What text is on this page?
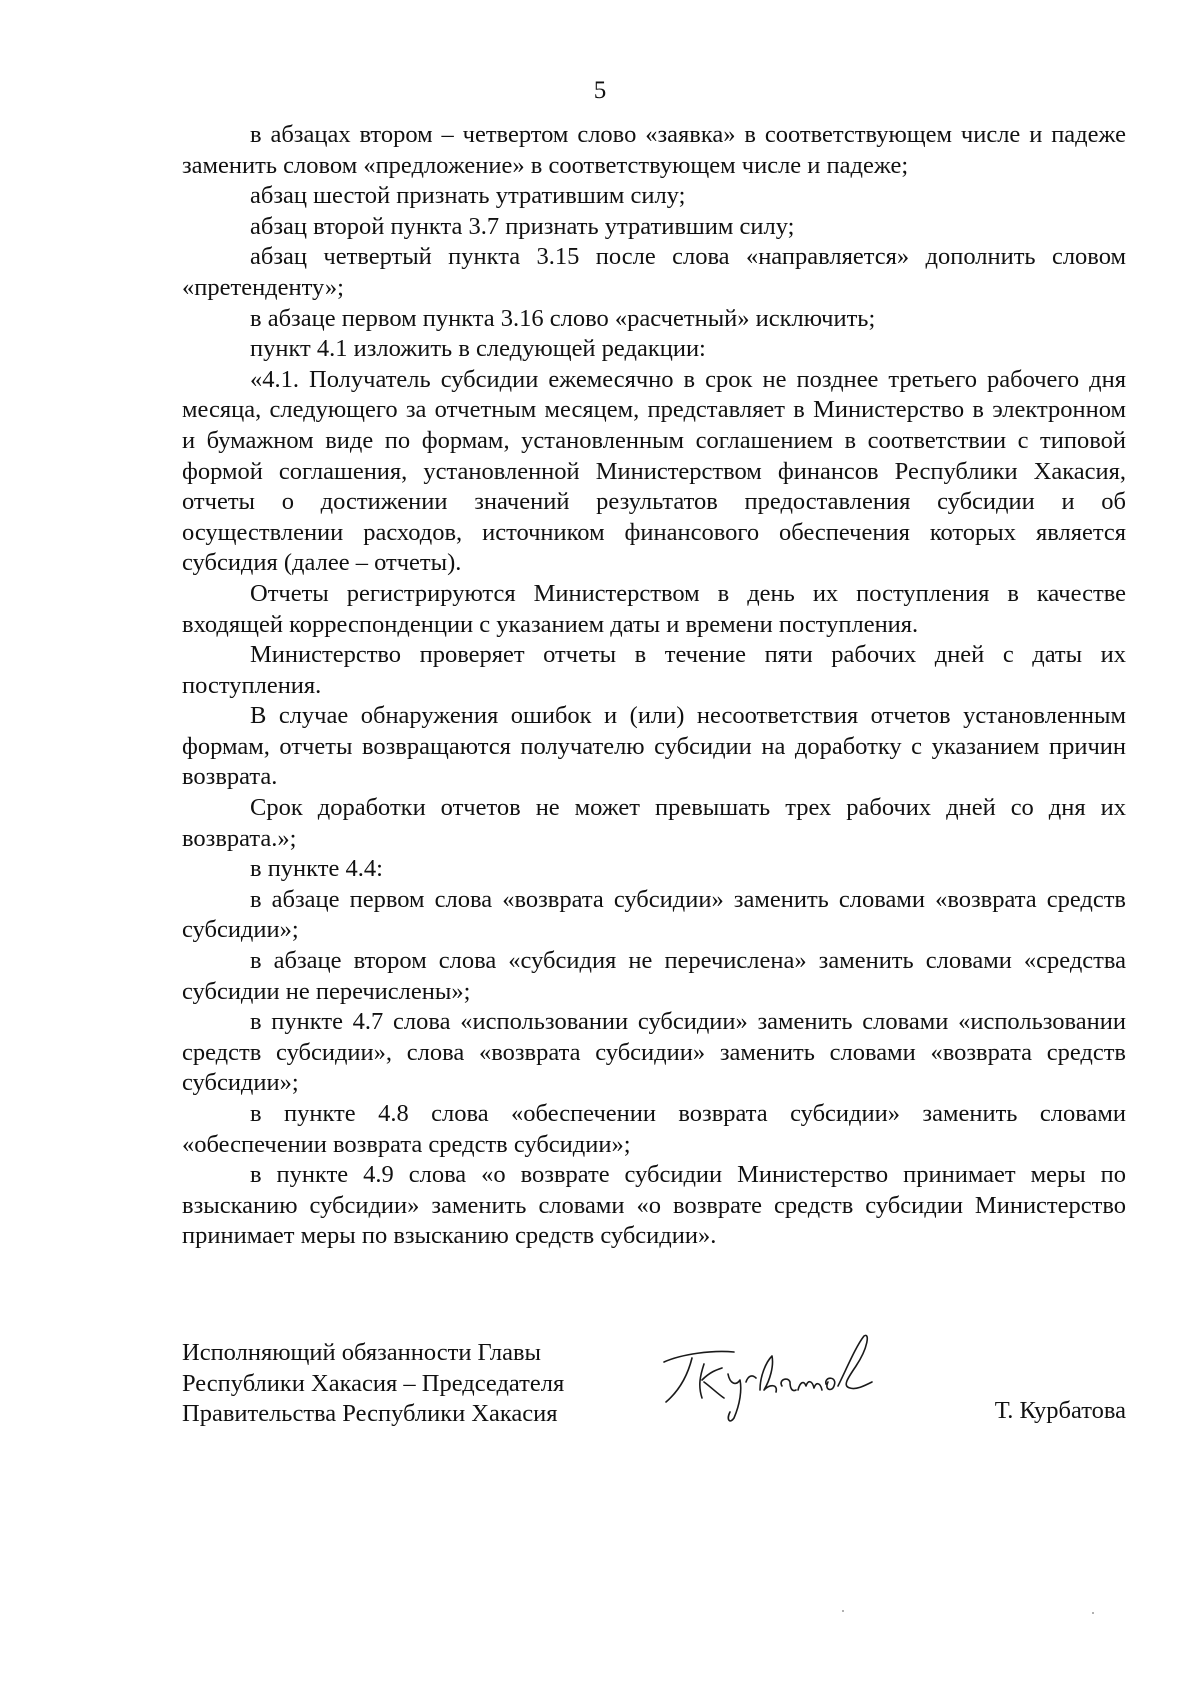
5

в абзацах втором – четвертом слово «заявка» в соответствующем числе и падеже заменить словом «предложение» в соответствующем числе и падеже;

абзац шестой признать утратившим силу;

абзац второй пункта 3.7 признать утратившим силу;

абзац четвертый пункта 3.15 после слова «направляется» дополнить словом «претенденту»;

в абзаце первом пункта 3.16 слово «расчетный» исключить;

пункт 4.1 изложить в следующей редакции:

«4.1. Получатель субсидии ежемесячно в срок не позднее третьего рабочего дня месяца, следующего за отчетным месяцем, представляет в Министерство в электронном и бумажном виде по формам, установленным соглашением в соответствии с типовой формой соглашения, установленной Министерством финансов Республики Хакасия, отчеты о достижении значений результатов предоставления субсидии и об осуществлении расходов, источником финансового обеспечения которых является субсидия (далее – отчеты).

Отчеты регистрируются Министерством в день их поступления в качестве входящей корреспонденции с указанием даты и времени поступления.

Министерство проверяет отчеты в течение пяти рабочих дней с даты их поступления.

В случае обнаружения ошибок и (или) несоответствия отчетов установленным формам, отчеты возвращаются получателю субсидии на доработку с указанием причин возврата.

Срок доработки отчетов не может превышать трех рабочих дней со дня их возврата.»;

в пункте 4.4:

в абзаце первом слова «возврата субсидии» заменить словами «возврата средств субсидии»;

в абзаце втором слова «субсидия не перечислена» заменить словами «средства субсидии не перечислены»;

в пункте 4.7 слова «использовании субсидии» заменить словами «использовании средств субсидии», слова «возврата субсидии» заменить словами «возврата средств субсидии»;

в пункте 4.8 слова «обеспечении возврата субсидии» заменить словами «обеспечении возврата средств субсидии»;

в пункте 4.9 слова «о возврате субсидии Министерство принимает меры по взысканию субсидии» заменить словами «о возврате средств субсидии Министерство принимает меры по взысканию средств субсидии».

Исполняющий обязанности Главы
Республики Хакасия – Председателя
Правительства Республики Хакасия	Т. Курбатова
